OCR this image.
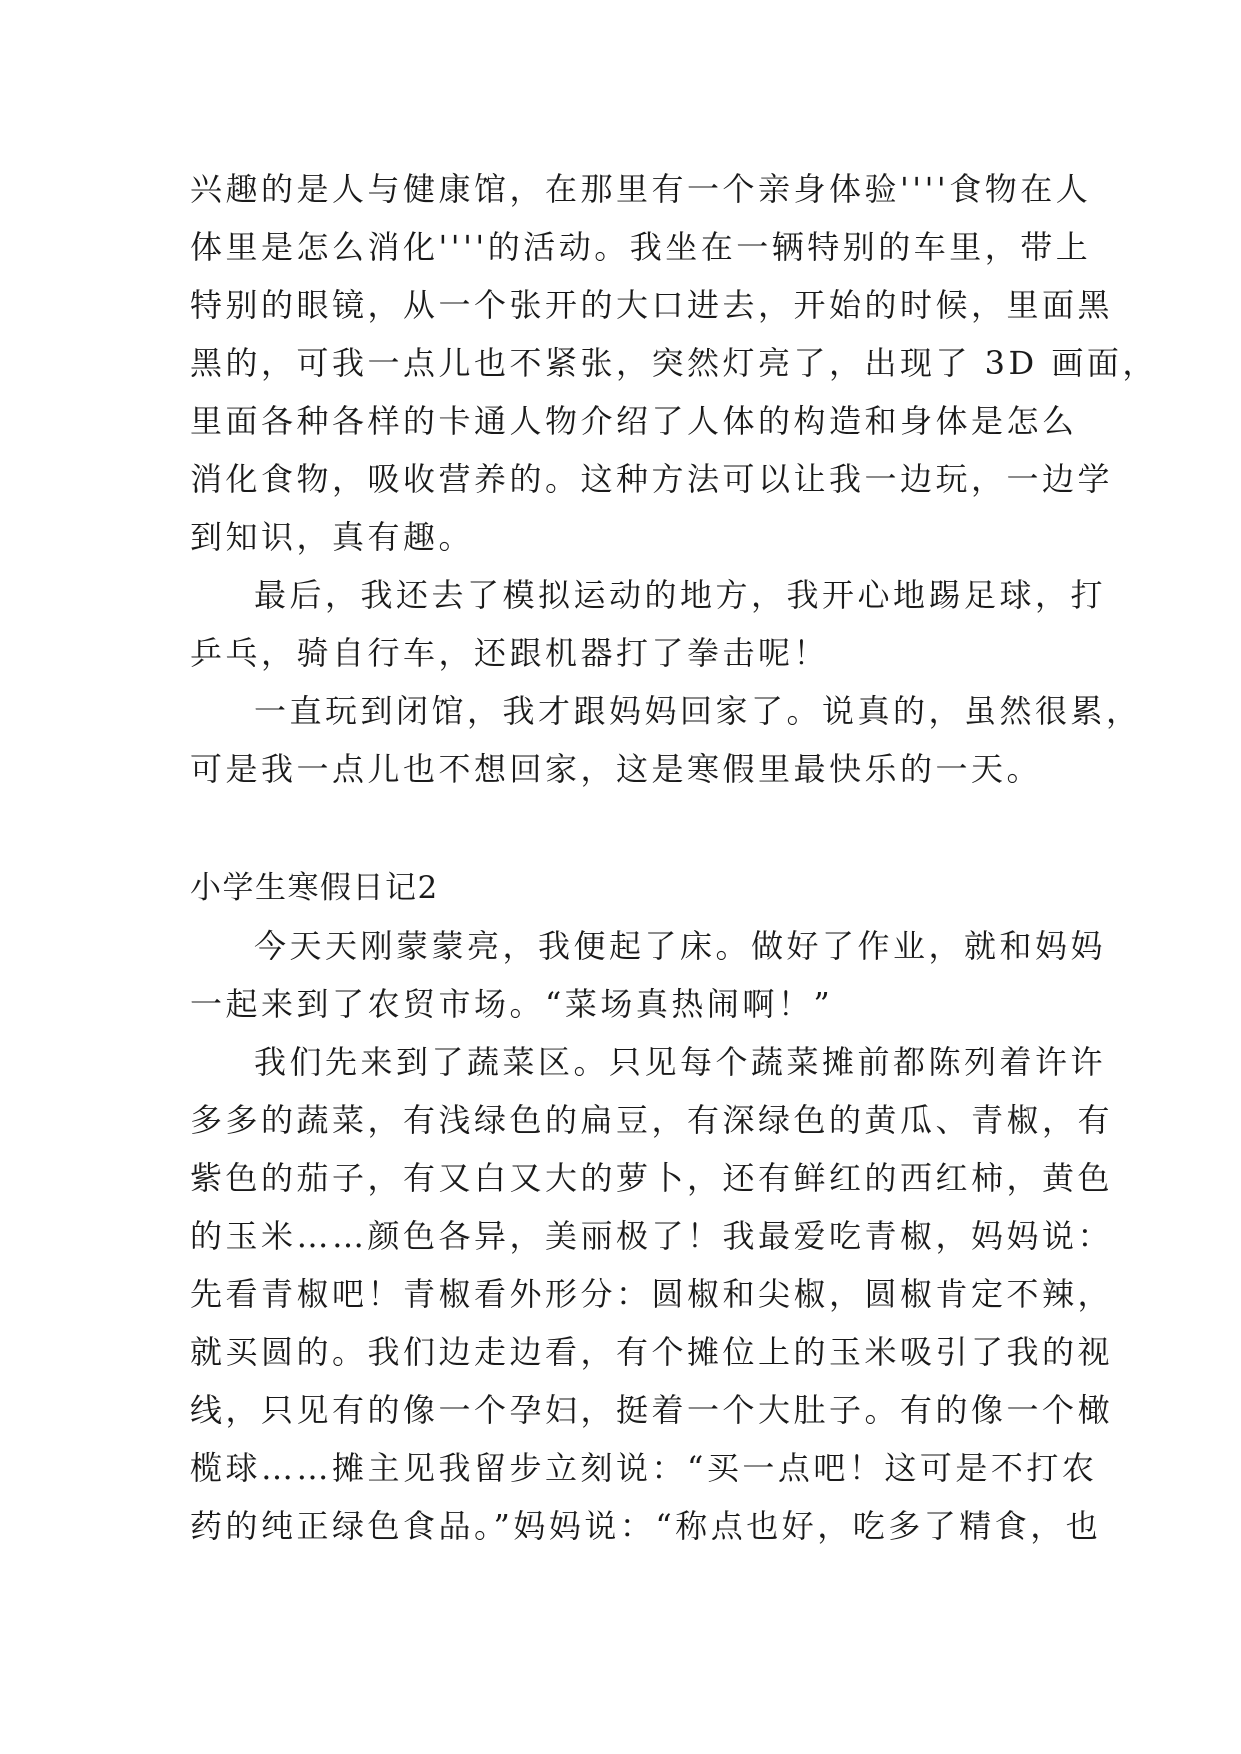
兴趣的是人与健康馆，在那里有一个亲身体验''''食物在人
体里是怎么消化''''的活动。我坐在一辆特别的车里，带上
特别的眼镜，从一个张开的大口进去，开始的时候，里面黑
黑的，可我一点儿也不紧张，突然灯亮了，出现了 3D 画面，
里面各种各样的卡通人物介绍了人体的构造和身体是怎么
消化食物，吸收营养的。这种方法可以让我一边玩，一边学
到知识，真有趣。
最后，我还去了模拟运动的地方，我开心地踢足球，打
乒乓，骑自行车，还跟机器打了拳击呢！
一直玩到闭馆，我才跟妈妈回家了。说真的，虽然很累，
可是我一点儿也不想回家，这是寒假里最快乐的一天。
小学生寒假日记2
今天天刚蒙蒙亮，我便起了床。做好了作业，就和妈妈
一起来到了农贸市场。“菜场真热闹啊！”
我们先来到了蔬菜区。只见每个蔬菜摊前都陈列着许许
多多的蔬菜，有浅绿色的扁豆，有深绿色的黄瓜、青椒，有
紫色的茄子，有又白又大的萝卜，还有鲜红的西红柿，黄色
的玉米……颜色各异，美丽极了！我最爱吃青椒，妈妈说：
先看青椒吧！青椒看外形分：圆椒和尖椒，圆椒肯定不辣，
就买圆的。我们边走边看，有个摊位上的玉米吸引了我的视
线，只见有的像一个孕妇，挺着一个大肚子。有的像一个橄
榄球……摊主见我留步立刻说：“买一点吧！这可是不打农
药的纯正绿色食品。”妈妈说：“称点也好，吃多了精食，也
